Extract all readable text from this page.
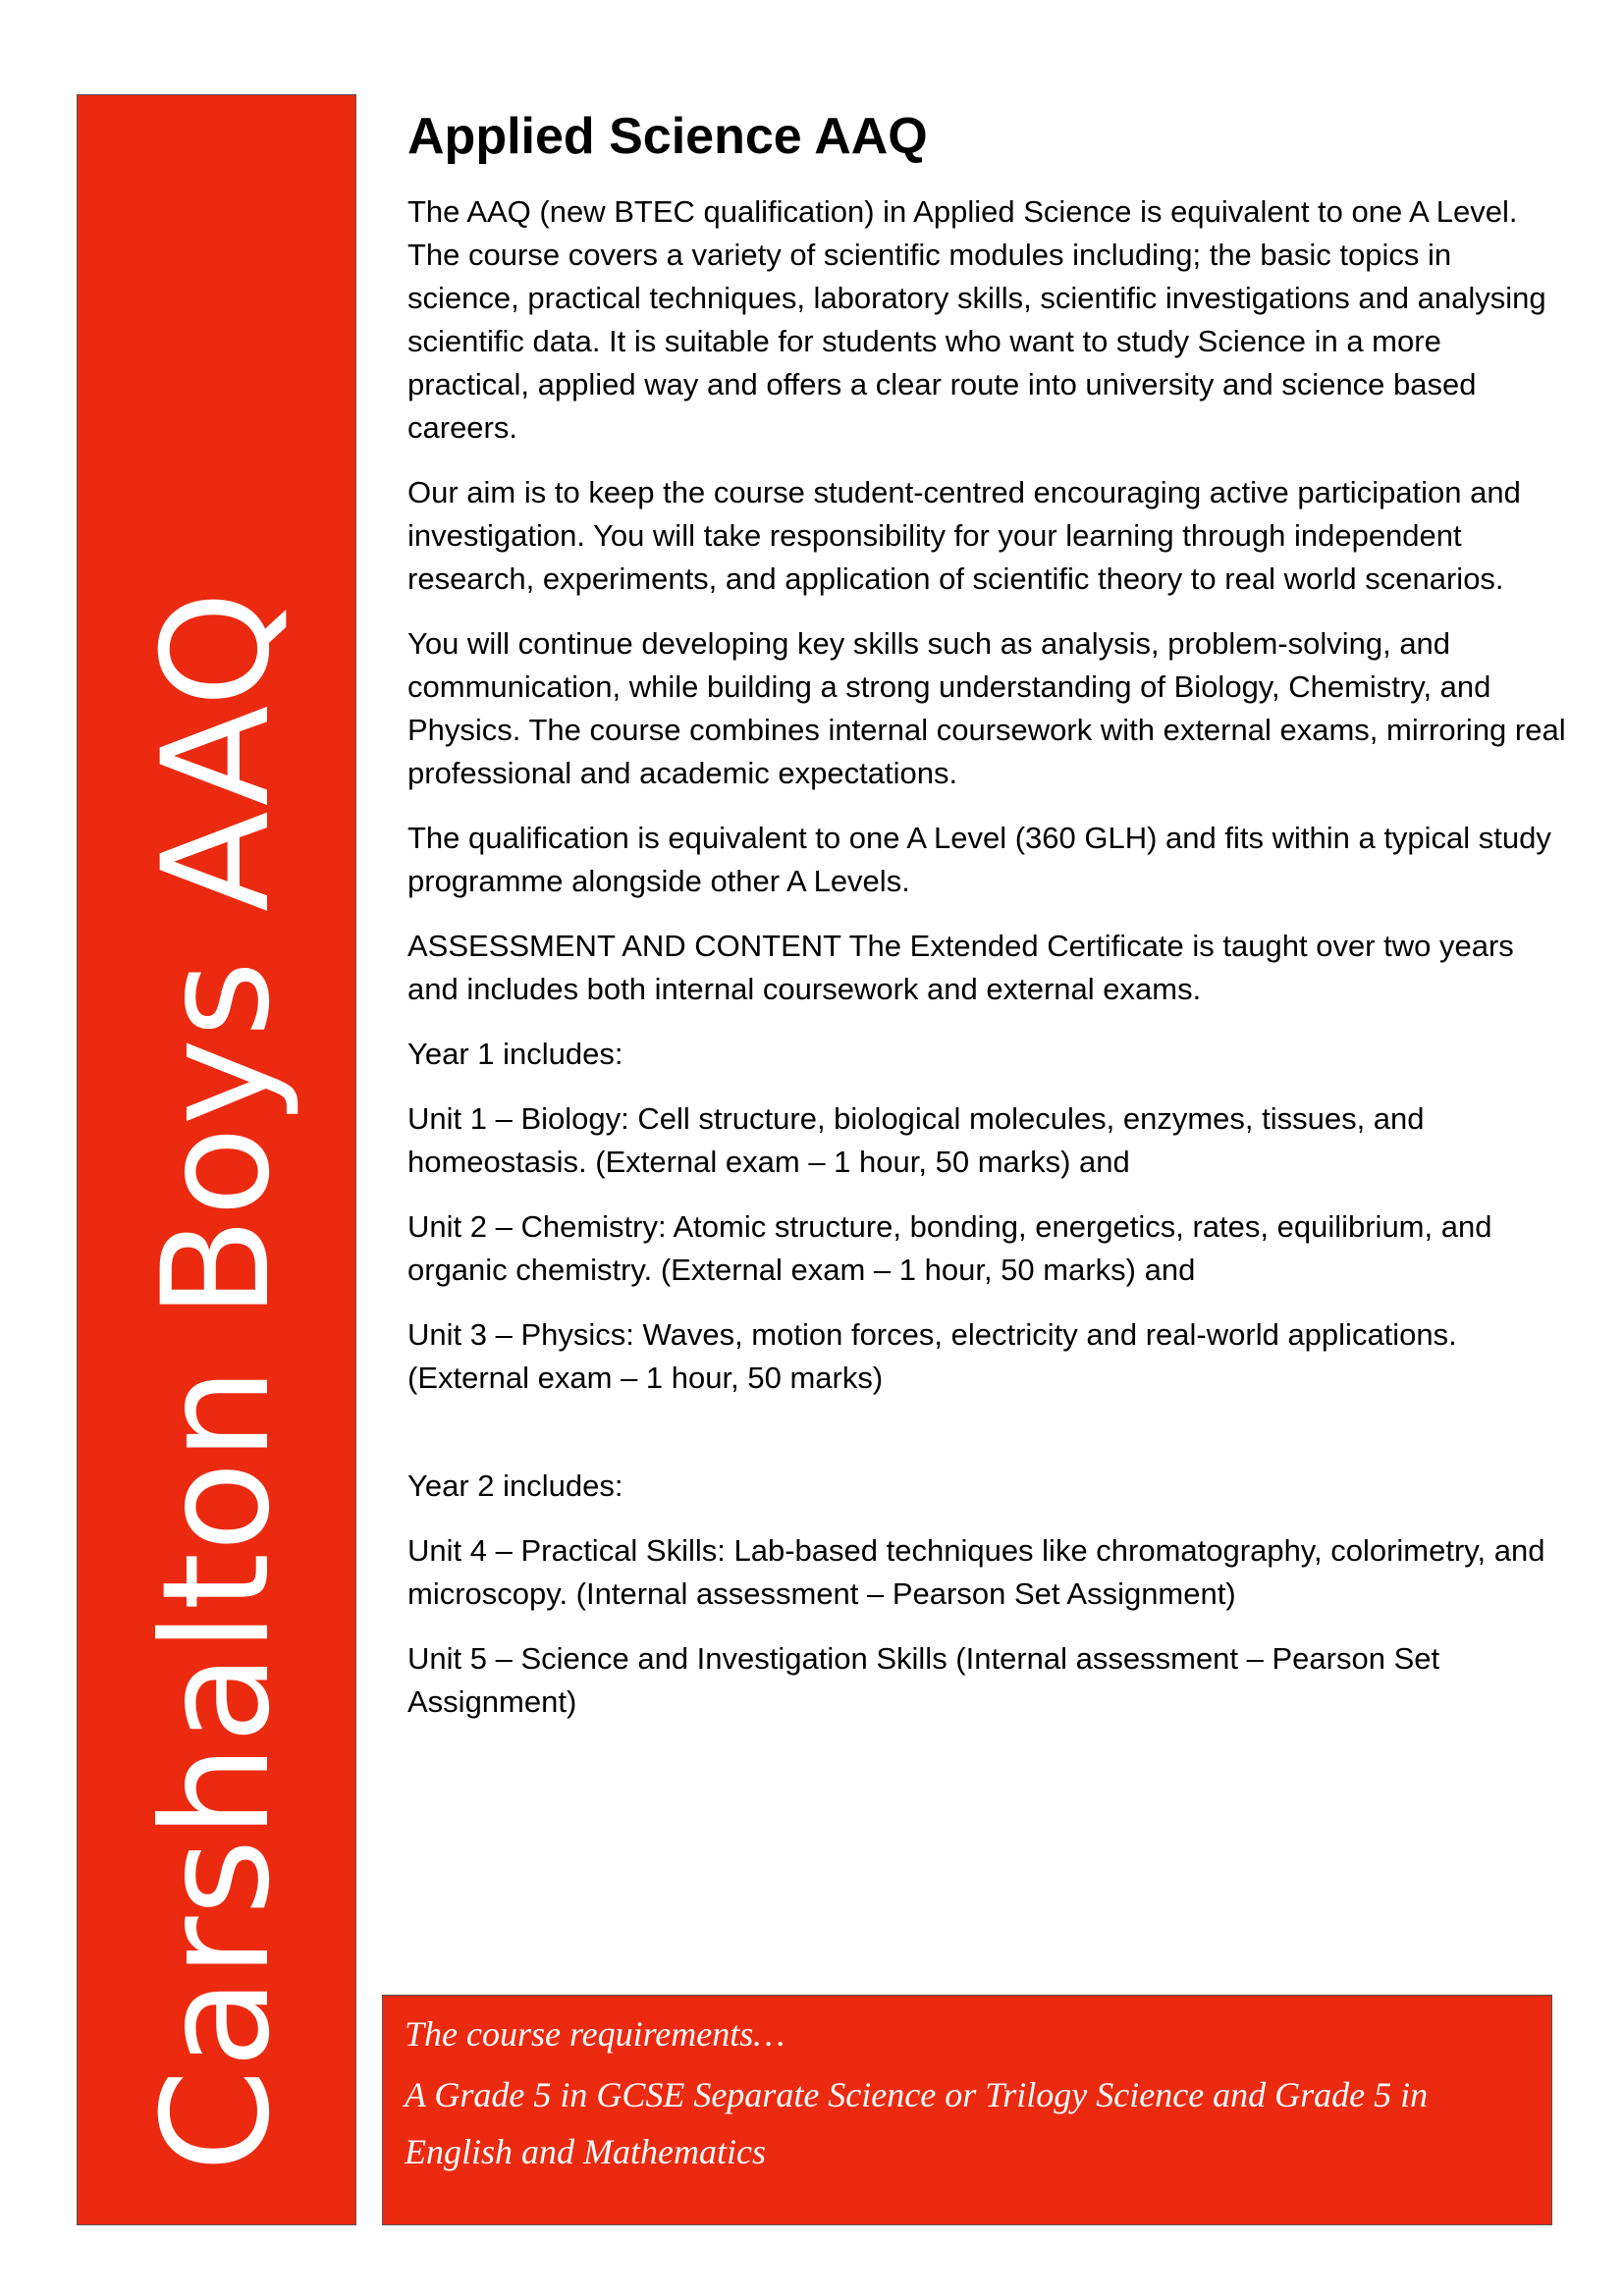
Carshalton Boys AAQ
Applied Science AAQ

The AAQ (new BTEC qualification) in Applied Science is equivalent to one A Level. The course covers a variety of scientific modules including; the basic topics in science, practical techniques, laboratory skills, scientific investigations and analysing scientific data. It is suitable for students who want to study Science in a more practical, applied way and offers a clear route into university and science based careers.

Our aim is to keep the course student-centred encouraging active participation and investigation. You will take responsibility for your learning through independent research, experiments, and application of scientific theory to real world scenarios.

You will continue developing key skills such as analysis, problem-solving, and communication, while building a strong understanding of Biology, Chemistry, and Physics. The course combines internal coursework with external exams, mirroring real professional and academic expectations.

The qualification is equivalent to one A Level (360 GLH) and fits within a typical study programme alongside other A Levels.

ASSESSMENT AND CONTENT The Extended Certificate is taught over two years and includes both internal coursework and external exams.

Year 1 includes:

Unit 1 – Biology: Cell structure, biological molecules, enzymes, tissues, and homeostasis. (External exam – 1 hour, 50 marks) and

Unit 2 – Chemistry: Atomic structure, bonding, energetics, rates, equilibrium, and organic chemistry. (External exam – 1 hour, 50 marks) and

Unit 3 – Physics: Waves, motion forces, electricity and real-world applications. (External exam – 1 hour, 50 marks)

Year 2 includes:

Unit 4 – Practical Skills: Lab-based techniques like chromatography, colorimetry, and microscopy. (Internal assessment – Pearson Set Assignment)

Unit 5 – Science and Investigation Skills (Internal assessment – Pearson Set Assignment)

The course requirements…

A Grade 5 in GCSE Separate Science or Trilogy Science and Grade 5 in English and Mathematics
